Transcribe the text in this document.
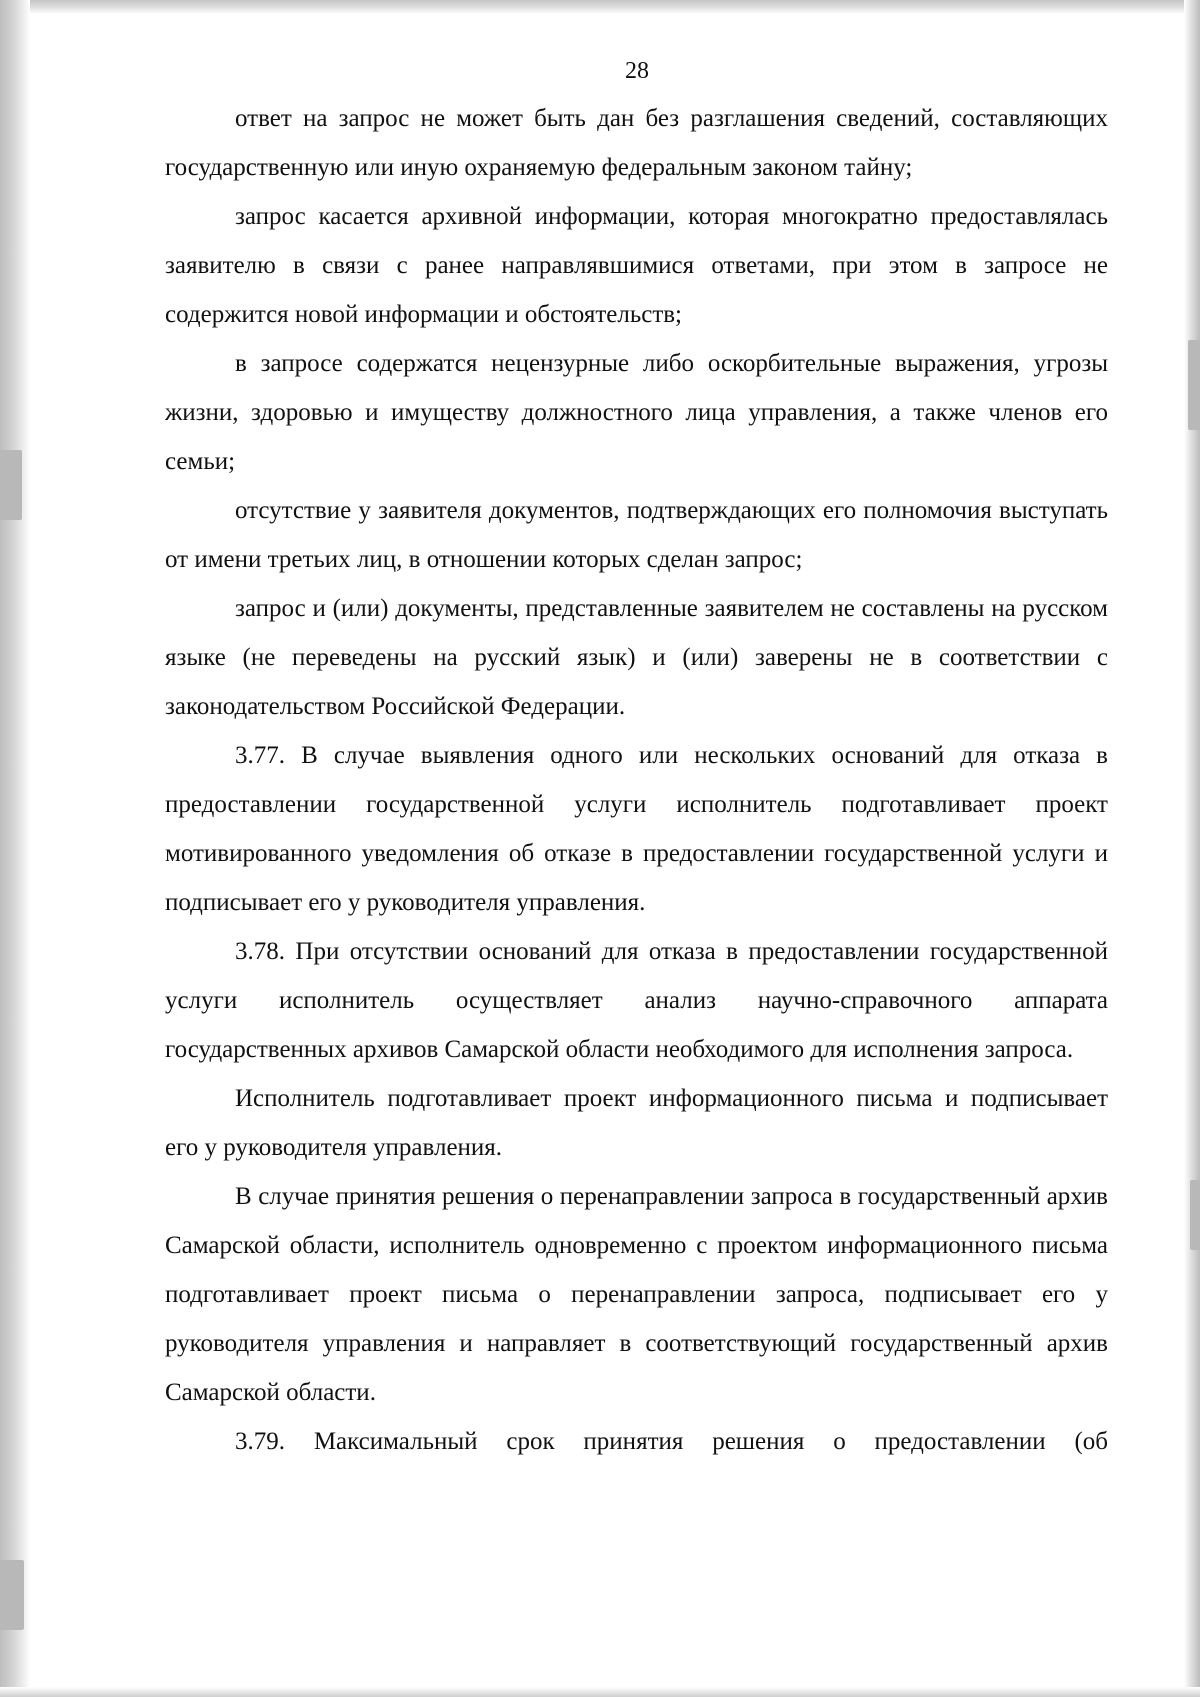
28

ответ на запрос не может быть дан без разглашения сведений, составляющих государственную или иную охраняемую федеральным законом тайну;

запрос касается архивной информации, которая многократно предоставлялась заявителю в связи с ранее направлявшимися ответами, при этом в запросе не содержится новой информации и обстоятельств;

в запросе содержатся нецензурные либо оскорбительные выражения, угрозы жизни, здоровью и имуществу должностного лица управления, а также членов его семьи;

отсутствие у заявителя документов, подтверждающих его полномочия выступать от имени третьих лиц, в отношении которых сделан запрос;

запрос и (или) документы, представленные заявителем не составлены на русском языке (не переведены на русский язык) и (или) заверены не в соответствии с законодательством Российской Федерации.

3.77. В случае выявления одного или нескольких оснований для отказа в предоставлении государственной услуги исполнитель подготавливает проект мотивированного уведомления об отказе в предоставлении государственной услуги и подписывает его у руководителя управления.

3.78. При отсутствии оснований для отказа в предоставлении государственной услуги исполнитель осуществляет анализ научно-справочного аппарата государственных архивов Самарской области необходимого для исполнения запроса.

Исполнитель подготавливает проект информационного письма и подписывает его у руководителя управления.

В случае принятия решения о перенаправлении запроса в государственный архив Самарской области, исполнитель одновременно с проектом информационного письма подготавливает проект письма о перенаправлении запроса, подписывает его у руководителя управления и направляет в соответствующий государственный архив Самарской области.

3.79. Максимальный срок принятия решения о предоставлении (об
